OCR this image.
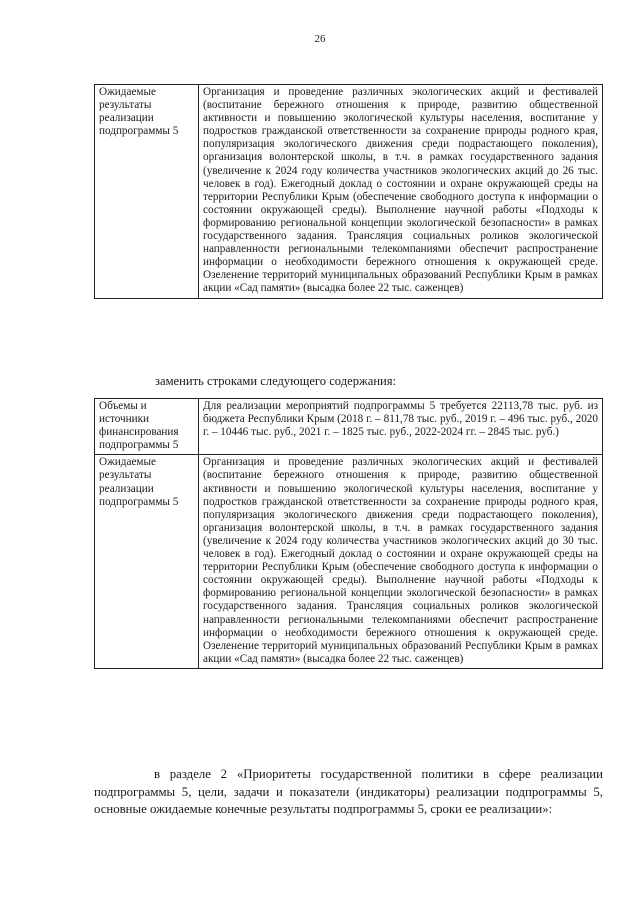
26
Ожидаемые результаты реализации подпрограммы 5	Организация и проведение различных экологических акций и фестивалей (воспитание бережного отношения к природе, развитию общественной активности и повышению экологической культуры населения, воспитание у подростков гражданской ответственности за сохранение природы родного края, популяризация экологического движения среди подрастающего поколения), организация волонтерской школы, в т.ч. в рамках государственного задания (увеличение к 2024 году количества участников экологических акций до 26 тыс. человек в год). Ежегодный доклад о состоянии и охране окружающей среды на территории Республики Крым (обеспечение свободного доступа к информации о состоянии окружающей среды). Выполнение научной работы «Подходы к формированию региональной концепции экологической безопасности» в рамках государственного задания. Трансляция социальных роликов экологической направленности региональными телекомпаниями обеспечит распространение информации о необходимости бережного отношения к окружающей среде. Озеленение территорий муниципальных образований Республики Крым в рамках акции «Сад памяти» (высадка более 22 тыс. саженцев)
заменить строками следующего содержания:
Объемы и источники финансирования подпрограммы 5	Для реализации мероприятий подпрограммы 5 требуется 22113,78 тыс. руб. из бюджета Республики Крым (2018 г. – 811,78 тыс. руб., 2019 г. – 496 тыс. руб., 2020 г. – 10446 тыс. руб., 2021 г. – 1825 тыс. руб., 2022-2024 гг. – 2845 тыс. руб.)
Ожидаемые результаты реализации подпрограммы 5	Организация и проведение различных экологических акций и фестивалей (воспитание бережного отношения к природе, развитию общественной активности и повышению экологической культуры населения, воспитание у подростков гражданской ответственности за сохранение природы родного края, популяризация экологического движения среди подрастающего поколения), организация волонтерской школы, в т.ч. в рамках государственного задания (увеличение к 2024 году количества участников экологических акций до 30 тыс. человек в год). Ежегодный доклад о состоянии и охране окружающей среды на территории Республики Крым (обеспечение свободного доступа к информации о состоянии окружающей среды). Выполнение научной работы «Подходы к формированию региональной концепции экологической безопасности» в рамках государственного задания. Трансляция социальных роликов экологической направленности региональными телекомпаниями обеспечит распространение информации о необходимости бережного отношения к окружающей среде. Озеленение территорий муниципальных образований Республики Крым в рамках акции «Сад памяти» (высадка более 22 тыс. саженцев)
в разделе 2 «Приоритеты государственной политики в сфере реализации подпрограммы 5, цели, задачи и показатели (индикаторы) реализации подпрограммы 5, основные ожидаемые конечные результаты подпрограммы 5, сроки ее реализации»:
